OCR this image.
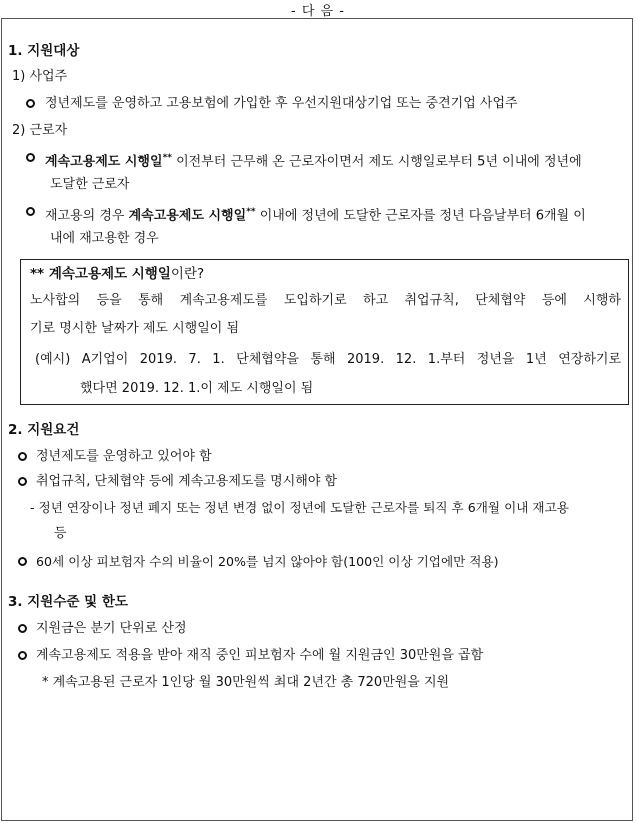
- 다 음 -
1. 지원대상
1) 사업주
정년제도를 운영하고 고용보험에 가입한 후 우선지원대상기업 또는 중견기업 사업주
2) 근로자
계속고용제도 시행일** 이전부터 근무해 온 근로자이면서 제도 시행일로부터 5년 이내에 정년에
도달한 근로자
재고용의 경우 계속고용제도 시행일** 이내에 정년에 도달한 근로자를 정년 다음날부터 6개월 이
내에 재고용한 경우
** 계속고용제도 시행일이란?
노사합의 등을 통해 계속고용제도를 도입하기로 하고 취업규칙, 단체협약 등에 시행하
기로 명시한 날짜가 제도 시행일이 됨
(예시) A기업이 2019. 7. 1. 단체협약을 통해 2019. 12. 1.부터 정년을 1년 연장하기로
했다면 2019. 12. 1.이 제도 시행일이 됨
2. 지원요건
정년제도를 운영하고 있어야 함
취업규칙, 단체협약 등에 계속고용제도를 명시해야 함
- 정년 연장이나 정년 폐지 또는 정년 변경 없이 정년에 도달한 근로자를 퇴직 후 6개월 이내 재고용
등
60세 이상 피보험자 수의 비율이 20%를 넘지 않아야 함(100인 이상 기업에만 적용)
3. 지원수준 및 한도
지원금은 분기 단위로 산정
계속고용제도 적용을 받아 재직 중인 피보험자 수에 월 지원금인 30만원을 곱함
* 계속고용된 근로자 1인당 월 30만원씩 최대 2년간 총 720만원을 지원
